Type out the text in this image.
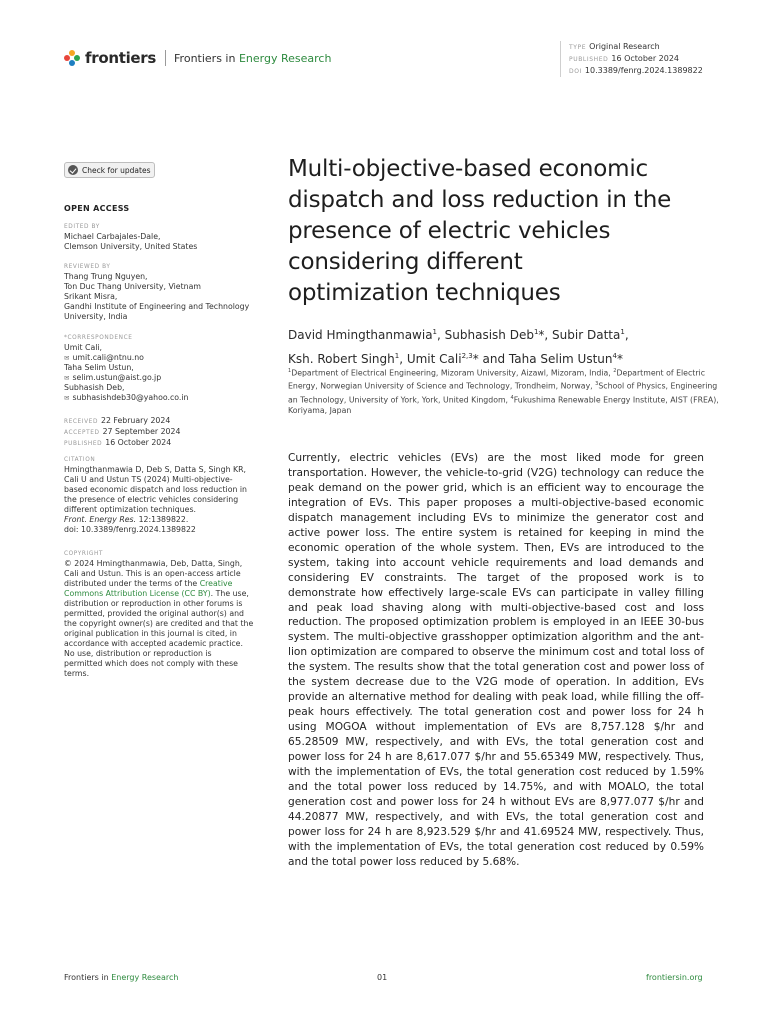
frontiers Frontiers in Energy Research
TYPE Original Research
PUBLISHED 16 October 2024
DOI 10.3389/fenrg.2024.1389822
Check for updates
OPEN ACCESS
EDITED BY
Michael Carbajales-Dale,
Clemson University, United States
REVIEWED BY
Thang Trung Nguyen,
Ton Duc Thang University, Vietnam
Srikant Misra,
Gandhi Institute of Engineering and Technology
University, India
*CORRESPONDENCE
Umit Cali,
✉ umit.cali@ntnu.no
Taha Selim Ustun,
✉ selim.ustun@aist.go.jp
Subhasish Deb,
✉ subhasishdeb30@yahoo.co.in
RECEIVED 22 February 2024
ACCEPTED 27 September 2024
PUBLISHED 16 October 2024
CITATION
Hmingthanmawia D, Deb S, Datta S, Singh KR,
Cali U and Ustun TS (2024) Multi-objective-
based economic dispatch and loss reduction in
the presence of electric vehicles considering
different optimization techniques.
Front. Energy Res. 12:1389822.
doi: 10.3389/fenrg.2024.1389822
COPYRIGHT
© 2024 Hmingthanmawia, Deb, Datta, Singh,
Cali and Ustun. This is an open-access article
distributed under the terms of the Creative
Commons Attribution License (CC BY). The use,
distribution or reproduction in other forums is
permitted, provided the original author(s) and
the copyright owner(s) are credited and that the
original publication in this journal is cited, in
accordance with accepted academic practice.
No use, distribution or reproduction is
permitted which does not comply with these
terms.
Multi-objective-based economic
dispatch and loss reduction in the
presence of electric vehicles
considering different
optimization techniques
David Hmingthanmawia$^1$, Subhasish Deb$^1$*, Subir Datta$^1$,
Ksh. Robert Singh$^1$, Umit Cali$^{2,3}$* and Taha Selim Ustun$^4$*
$^1$Department of Electrical Engineering, Mizoram University, Aizawl, Mizoram, India, $^2$Department of Electric Energy, Norwegian University of Science and Technology, Trondheim, Norway, $^3$School of Physics, Engineering an Technology, University of York, York, United Kingdom, $^4$Fukushima Renewable Energy Institute, AIST (FREA), Koriyama, Japan
Currently, electric vehicles (EVs) are the most liked mode for green transportation. However, the vehicle-to-grid (V2G) technology can reduce the peak demand on the power grid, which is an efficient way to encourage the integration of EVs. This paper proposes a multi-objective-based economic dispatch management including EVs to minimize the generator cost and active power loss. The entire system is retained for keeping in mind the economic operation of the whole system. Then, EVs are introduced to the system, taking into account vehicle requirements and load demands and considering EV constraints. The target of the proposed work is to demonstrate how effectively large-scale EVs can participate in valley filling and peak load shaving along with multi-objective-based cost and loss reduction. The proposed optimization problem is employed in an IEEE 30-bus system. The multi-objective grasshopper optimization algorithm and the ant-lion optimization are compared to observe the minimum cost and total loss of the system. The results show that the total generation cost and power loss of the system decrease due to the V2G mode of operation. In addition, EVs provide an alternative method for dealing with peak load, while filling the off-peak hours effectively. The total generation cost and power loss for 24 h using MOGOA without implementation of EVs are 8,757.128 $/hr and 65.28509 MW, respectively, and with EVs, the total generation cost and power loss for 24 h are 8,617.077 $/hr and 55.65349 MW, respectively. Thus, with the implementation of EVs, the total generation cost reduced by 1.59% and the total power loss reduced by 14.75%, and with MOALO, the total generation cost and power loss for 24 h without EVs are 8,977.077 $/hr and 44.20877 MW, respectively, and with EVs, the total generation cost and power loss for 24 h are 8,923.529 $/hr and 41.69524 MW, respectively. Thus, with the implementation of EVs, the total generation cost reduced by 0.59% and the total power loss reduced by 5.68%.
Frontiers in Energy Research	01	frontiersin.org
